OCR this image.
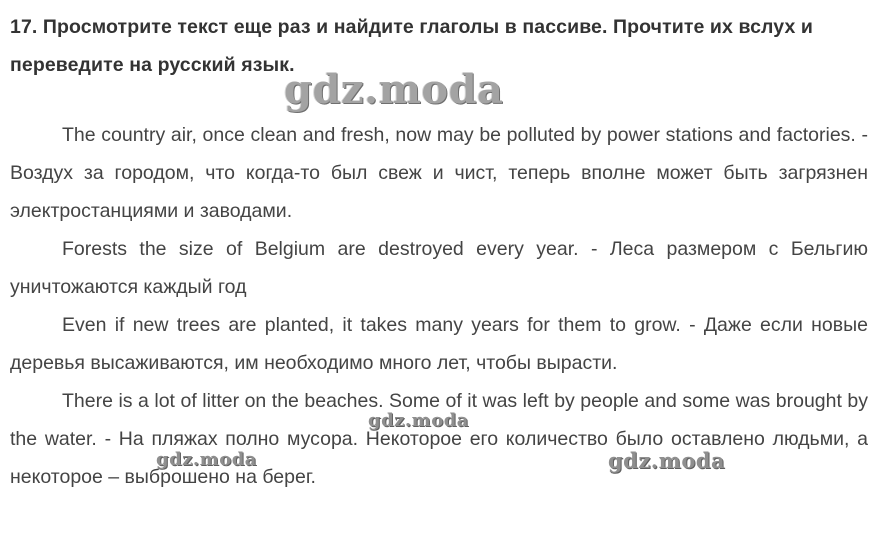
17. Просмотрите текст еще раз и найдите глаголы в пассиве. Прочтите их вслух и переведите на русский язык.
gdz.moda

The country air, once clean and fresh, now may be polluted by power stations and factories. - Воздух за городом, что когда-то был свеж и чист, теперь вполне может быть загрязнен электростанциями и заводами.

Forests the size of Belgium are destroyed every year. - Леса размером с Бельгию уничтожаются каждый год

Even if new trees are planted, it takes many years for them to grow. - Даже если новые деревья высаживаются, им необходимо много лет, чтобы вырасти.

There is a lot of litter on the beaches. Some of it was left by people and some was brought by the water. - На пляжах полно мусора. Некоторое его количество было оставлено людьми, а некоторое – выброшено на берег.

gdz.moda
gdz.moda	gdz.moda
